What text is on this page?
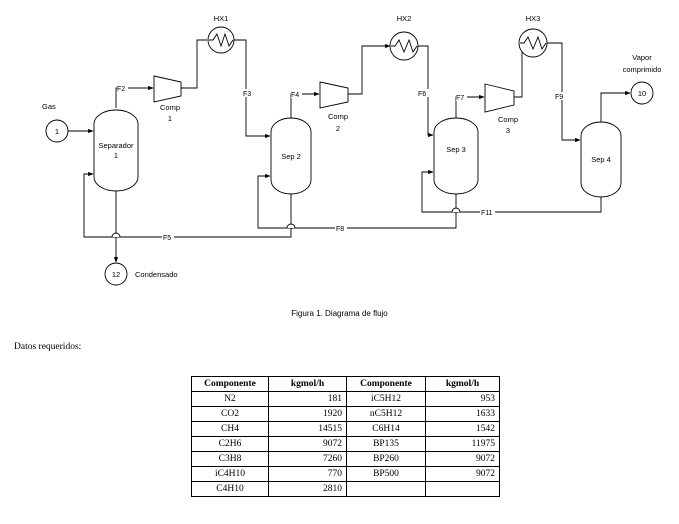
1
10
12
F2
F3	F4	F6
F7	F9
F5
F8
F11
Gas
Vapor
comprimido
Condensado
Separador
1	Sep 2
Sep 3
Sep 4
HX1	HX2	HX3
Comp
1	Comp
2
Comp
3
Figura 1. Diagrama de flujo
Datos requeridos:
Componente	kgmol/h	Componente	kgmol/h
N2	181	iC5H12	953
CO2	1920	nC5H12	1633
CH4	14515	C6H14	1542
C2H6	9072	BP135	11975
C3H8	7260	BP260	9072
iC4H10	770	BP500	9072
C4H10	2810		
